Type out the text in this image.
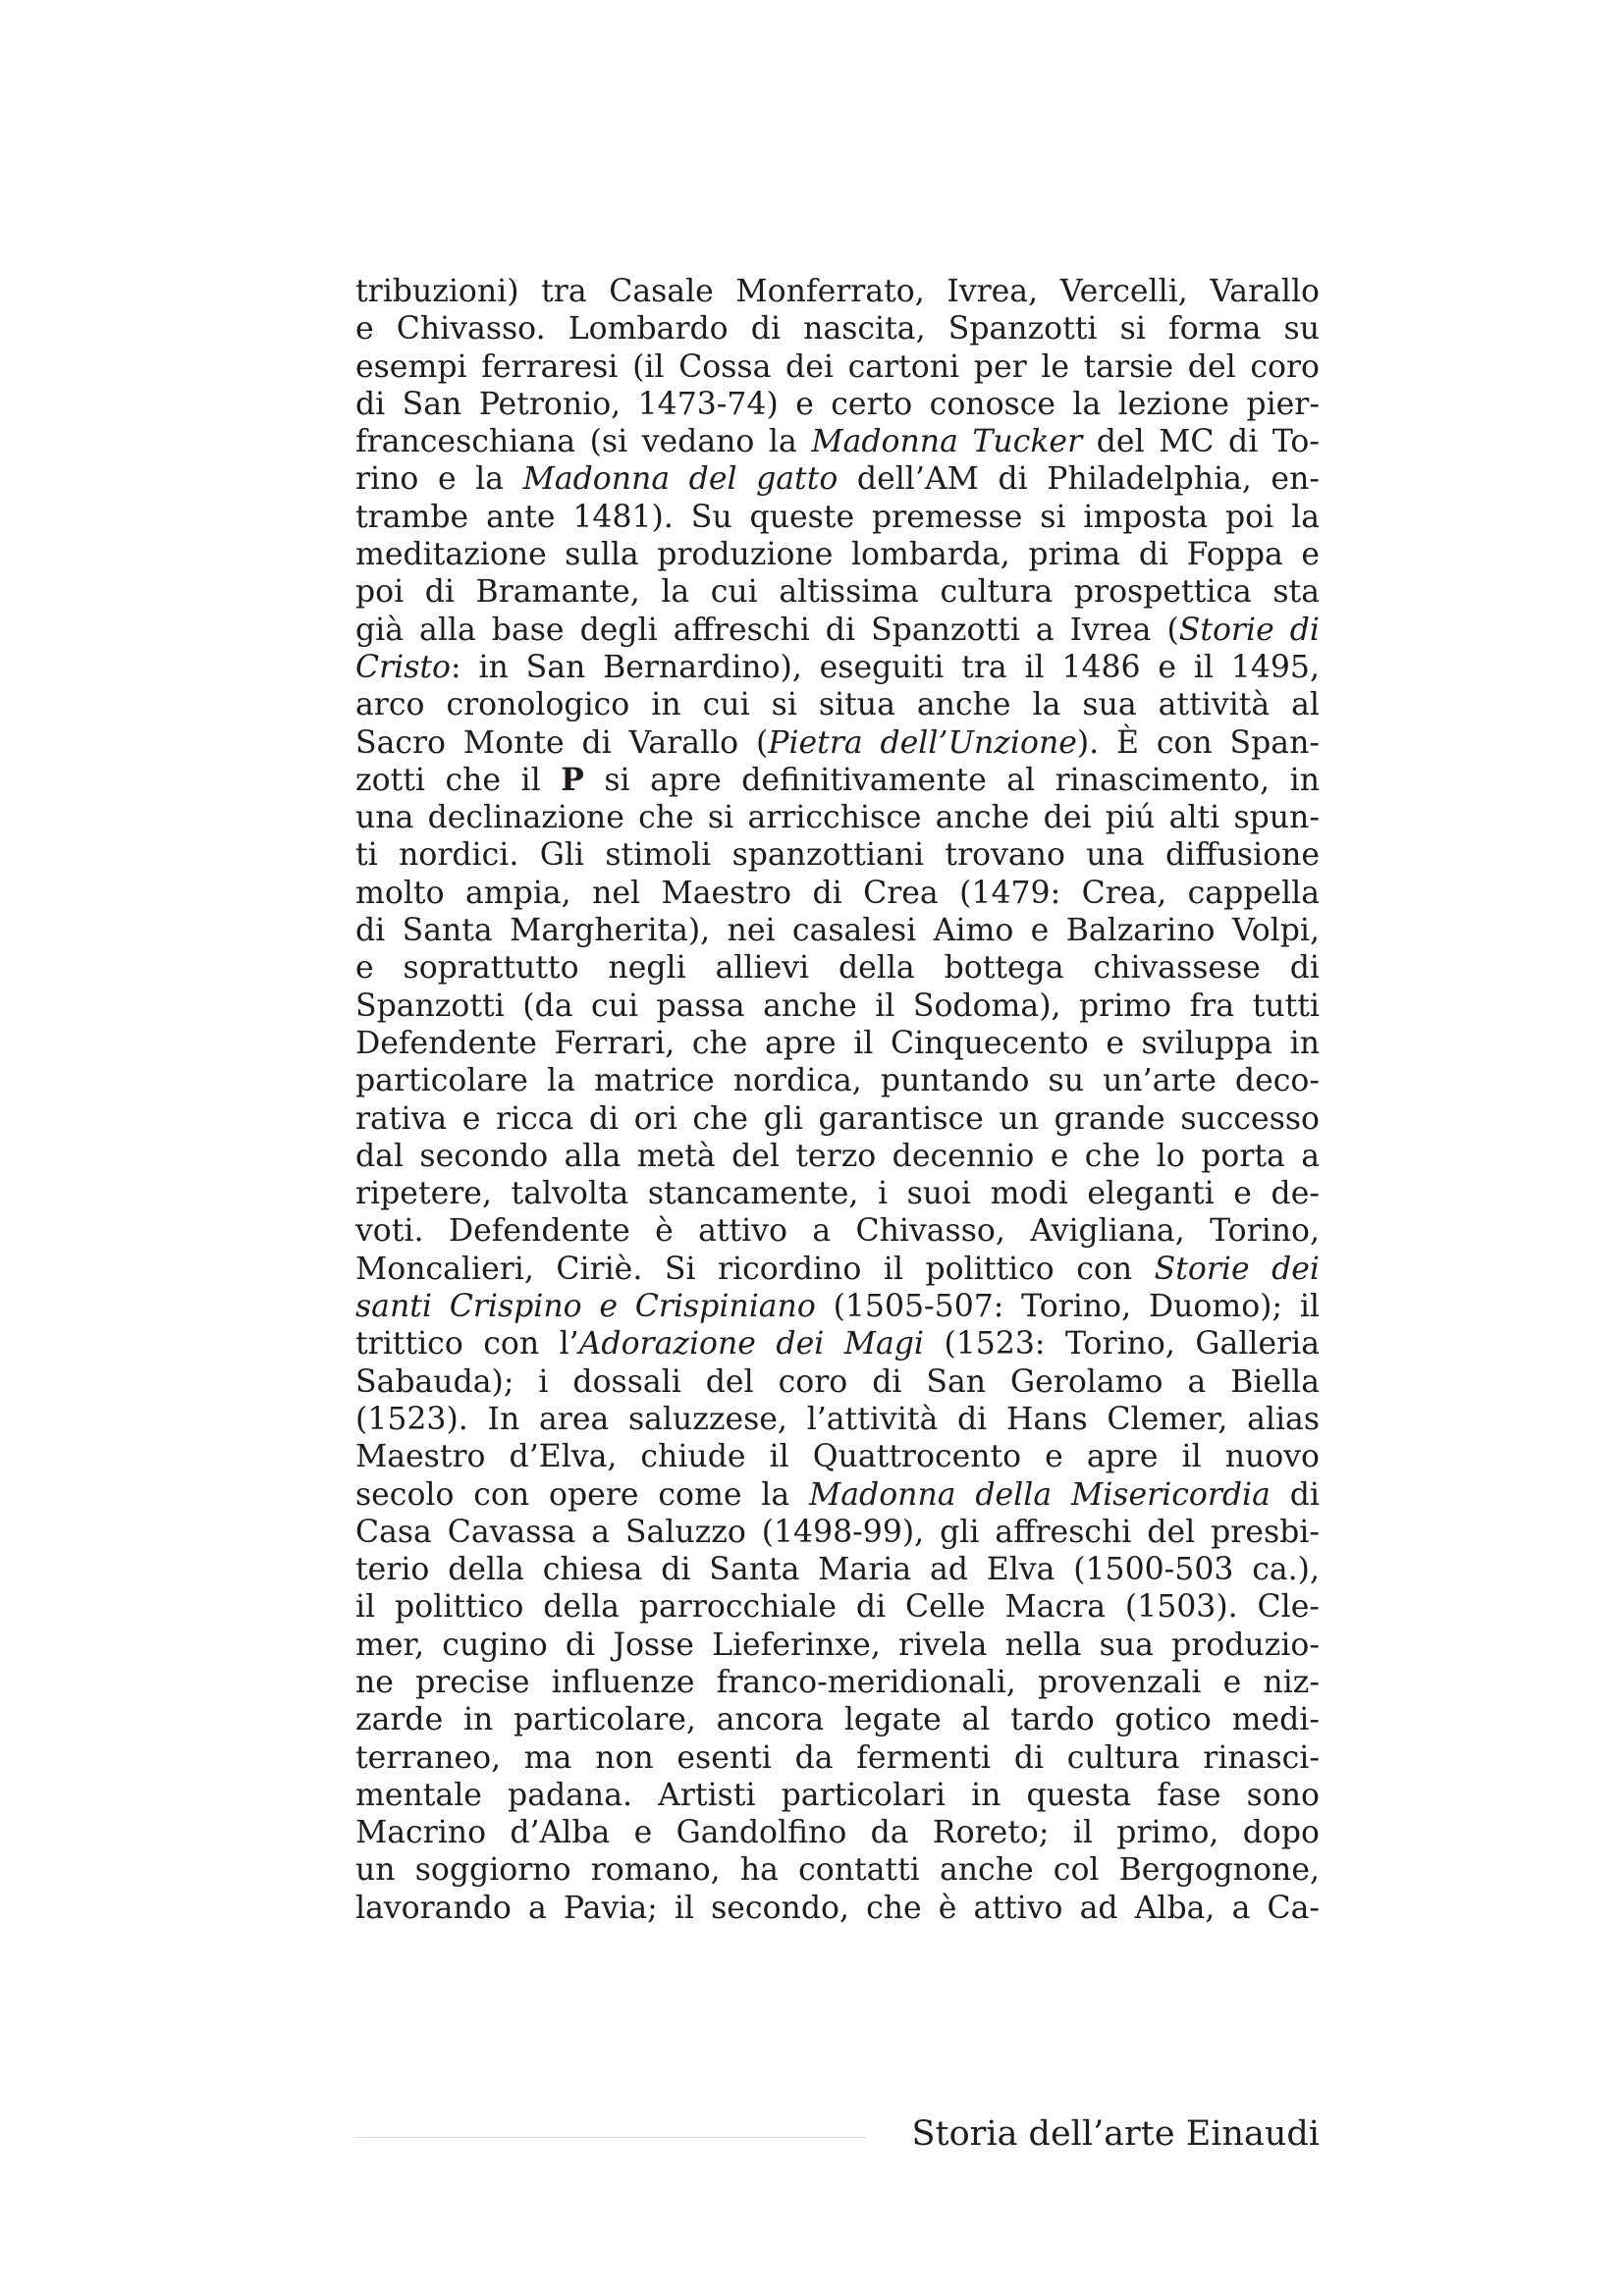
tribuzioni) tra Casale Monferrato, Ivrea, Vercelli, Varallo
e Chivasso. Lombardo di nascita, Spanzotti si forma su
esempi ferraresi (il Cossa dei cartoni per le tarsie del coro
di San Petronio, 1473-74) e certo conosce la lezione pier-
franceschiana (si vedano la Madonna Tucker del MC di To-
rino e la Madonna del gatto dell’AM di Philadelphia, en-
trambe ante 1481). Su queste premesse si imposta poi la
meditazione sulla produzione lombarda, prima di Foppa e
poi di Bramante, la cui altissima cultura prospettica sta
già alla base degli affreschi di Spanzotti a Ivrea (Storie di
Cristo: in San Bernardino), eseguiti tra il 1486 e il 1495,
arco cronologico in cui si situa anche la sua attività al
Sacro Monte di Varallo (Pietra dell’Unzione). È con Span-
zotti che il P si apre definitivamente al rinascimento, in
una declinazione che si arricchisce anche dei piú alti spun-
ti nordici. Gli stimoli spanzottiani trovano una diffusione
molto ampia, nel Maestro di Crea (1479: Crea, cappella
di Santa Margherita), nei casalesi Aimo e Balzarino Volpi,
e soprattutto negli allievi della bottega chivassese di
Spanzotti (da cui passa anche il Sodoma), primo fra tutti
Defendente Ferrari, che apre il Cinquecento e sviluppa in
particolare la matrice nordica, puntando su un’arte deco-
rativa e ricca di ori che gli garantisce un grande successo
dal secondo alla metà del terzo decennio e che lo porta a
ripetere, talvolta stancamente, i suoi modi eleganti e de-
voti. Defendente è attivo a Chivasso, Avigliana, Torino,
Moncalieri, Ciriè. Si ricordino il polittico con Storie dei
santi Crispino e Crispiniano (1505-507: Torino, Duomo); il
trittico con l’Adorazione dei Magi (1523: Torino, Galleria
Sabauda); i dossali del coro di San Gerolamo a Biella
(1523). In area saluzzese, l’attività di Hans Clemer, alias
Maestro d’Elva, chiude il Quattrocento e apre il nuovo
secolo con opere come la Madonna della Misericordia di
Casa Cavassa a Saluzzo (1498-99), gli affreschi del presbi-
terio della chiesa di Santa Maria ad Elva (1500-503 ca.),
il polittico della parrocchiale di Celle Macra (1503). Cle-
mer, cugino di Josse Lieferinxe, rivela nella sua produzio-
ne precise influenze franco-meridionali, provenzali e niz-
zarde in particolare, ancora legate al tardo gotico medi-
terraneo, ma non esenti da fermenti di cultura rinasci-
mentale padana. Artisti particolari in questa fase sono
Macrino d’Alba e Gandolfino da Roreto; il primo, dopo
un soggiorno romano, ha contatti anche col Bergognone,
lavorando a Pavia; il secondo, che è attivo ad Alba, a Ca-
Storia dell’arte Einaudi
